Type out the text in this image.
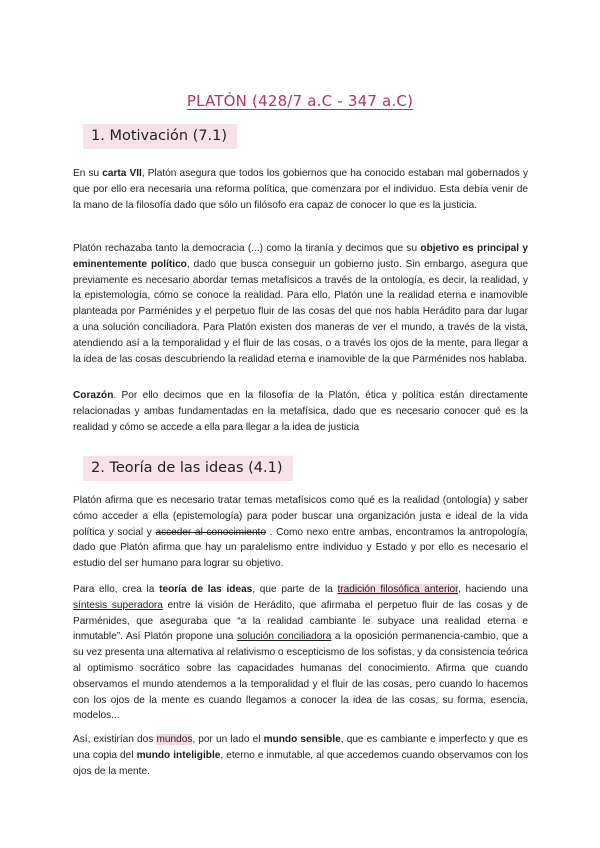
PLATÓN (428/7 a.C - 347 a.C)
1. Motivación (7.1)

En su carta VII, Platón asegura que todos los gobiernos que ha conocido estaban mal gobernados y que por ello era necesaria una reforma política, que comenzara por el individuo. Esta debía venir de la mano de la filosofía dado que sólo un filósofo era capaz de conocer lo que es la justicia.

Platón rechazaba tanto la democracia (...) como la tiranía y decimos que su objetivo es principal y eminentemente político, dado que busca conseguir un gobierno justo. Sin embargo, asegura que previamente es necesario abordar temas metafísicos a través de la ontología, es decir, la realidad, y la epistemología, cómo se conoce la realidad. Para ello, Platón une la realidad eterna e inamovible planteada por Parménides y el perpetuo fluir de las cosas del que nos habla Herádito para dar lugar a una solución conciliadora. Para Platón existen dos maneras de ver el mundo, a través de la vista, atendiendo así a la temporalidad y el fluir de las cosas, o a través los ojos de la mente, para llegar a la idea de las cosas descubriendo la realidad eterna e inamovible de la que Parménides nos hablaba.

Corazón. Por ello decimos que en la filosofía de la Platón, ética y política están directamente relacionadas y ambas fundamentadas en la metafísica, dado que es necesario conocer qué es la realidad y cómo se accede a ella para llegar a la idea de justicia

2. Teoría de las ideas (4.1)

Platón afirma que es necesario tratar temas metafísicos como qué es la realidad (ontología) y saber cómo acceder a ella (epistemología) para poder buscar una organización justa e ideal de la vida política y social y acceder al conocimiento . Como nexo entre ambas, encontramos la antropología, dado que Platón afirma que hay un paralelismo entre individuo y Estado y por ello es necesario el estudio del ser humano para lograr su objetivo.

Para ello, crea la teoría de las ideas, que parte de la tradición filosófica anterior, haciendo una síntesis superadora entre la visión de Herádito, que afirmaba el perpetuo fluir de las cosas y de Parménides, que aseguraba que “a la realidad cambiante le subyace una realidad eterna e inmutable”. Así Platón propone una solución conciliadora a la oposición permanencia-cambio, que a su vez presenta una alternativa al relativismo o escepticismo de los sofistas, y da consistencia teórica al optimismo socrático sobre las capacidades humanas del conocimiento. Afirma que cuando observamos el mundo atendemos a la temporalidad y el fluir de las cosas, pero cuando lo hacemos con los ojos de la mente es cuando llegamos a conocer la idea de las cosas, su forma, esencia, modelos...

Así, existirían dos mundos, por un lado el mundo sensible, que es cambiante e imperfecto y que es una copia del mundo inteligible, eterno e inmutable, al que accedemos cuando observamos con los ojos de la mente.
